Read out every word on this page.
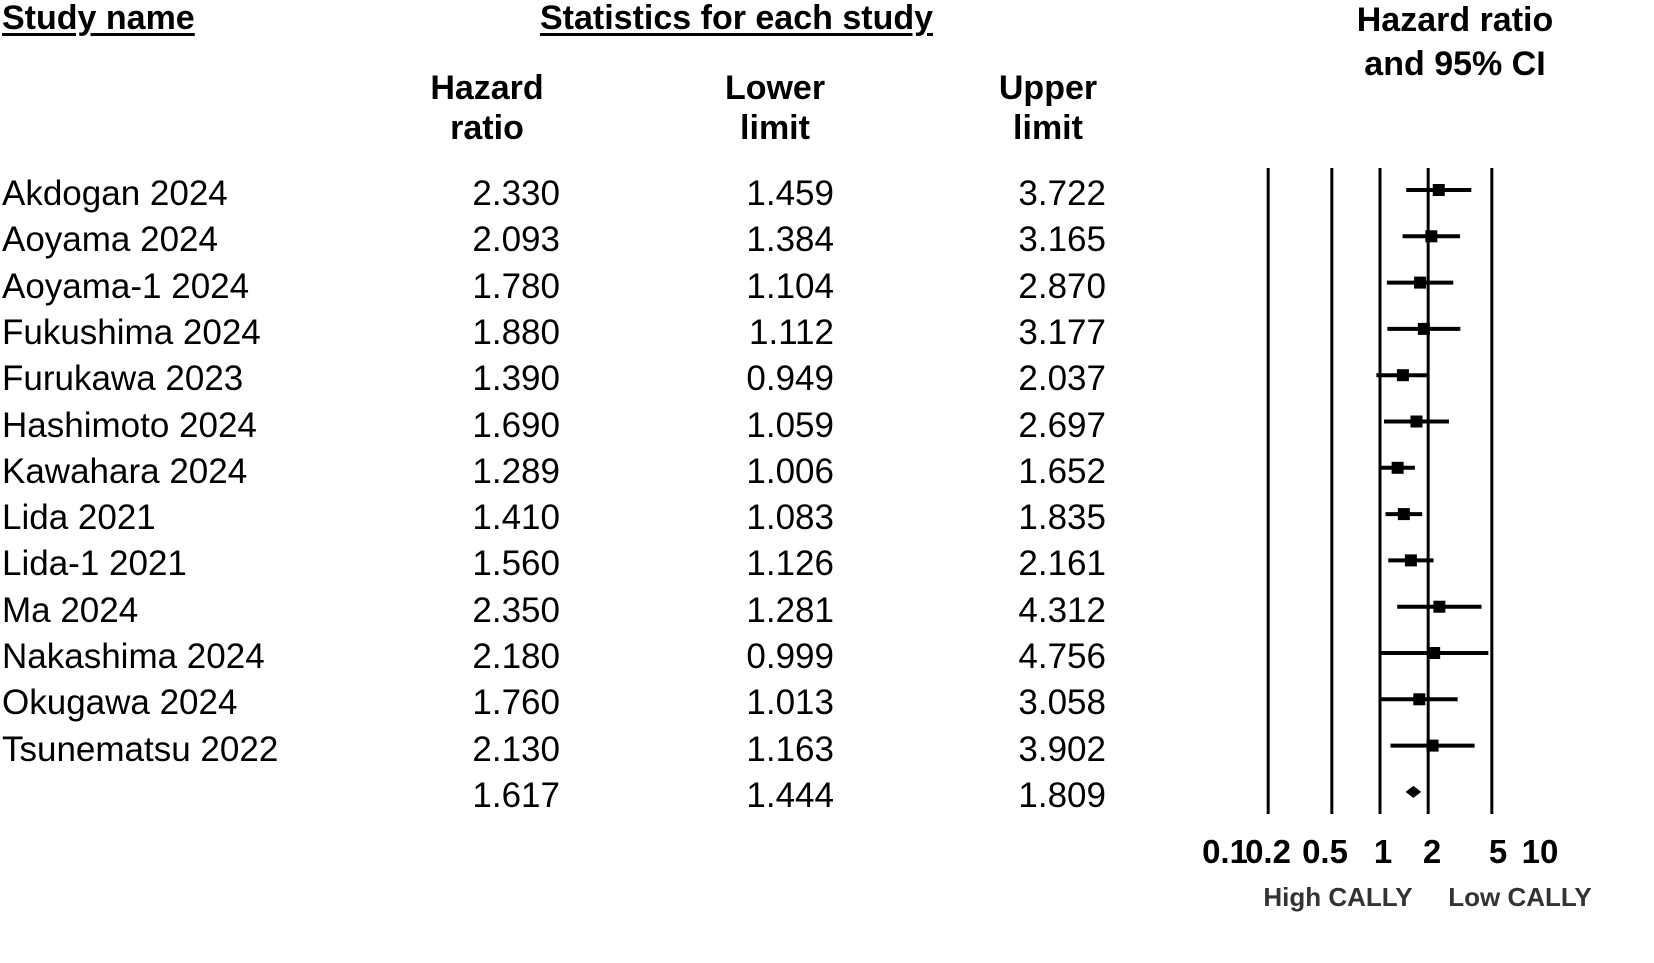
Study name	Statistics for each study	Hazard ratio
and 95% CI
Hazard
ratio
Lower
limit
Upper
limit
Akdogan 2024	2.330	1.459	3.722
Aoyama 2024	2.093	1.384	3.165
Aoyama-1 2024	1.780	1.104	2.870
Fukushima 2024	1.880	1.112	3.177
Furukawa 2023	1.390	0.949	2.037
Hashimoto 2024	1.690	1.059	2.697
Kawahara 2024	1.289	1.006	1.652
Lida 2021	1.410	1.083	1.835
Lida-1 2021	1.560	1.126	2.161
Ma 2024	2.350	1.281	4.312
Nakashima 2024	2.180	0.999	4.756
Okugawa 2024	1.760	1.013	3.058
Tsunematsu 2022	2.130	1.163	3.902
1.617	1.444	1.809
0.1
0.2 0.5 1 2 5 10
High CALLY Low CALLY
